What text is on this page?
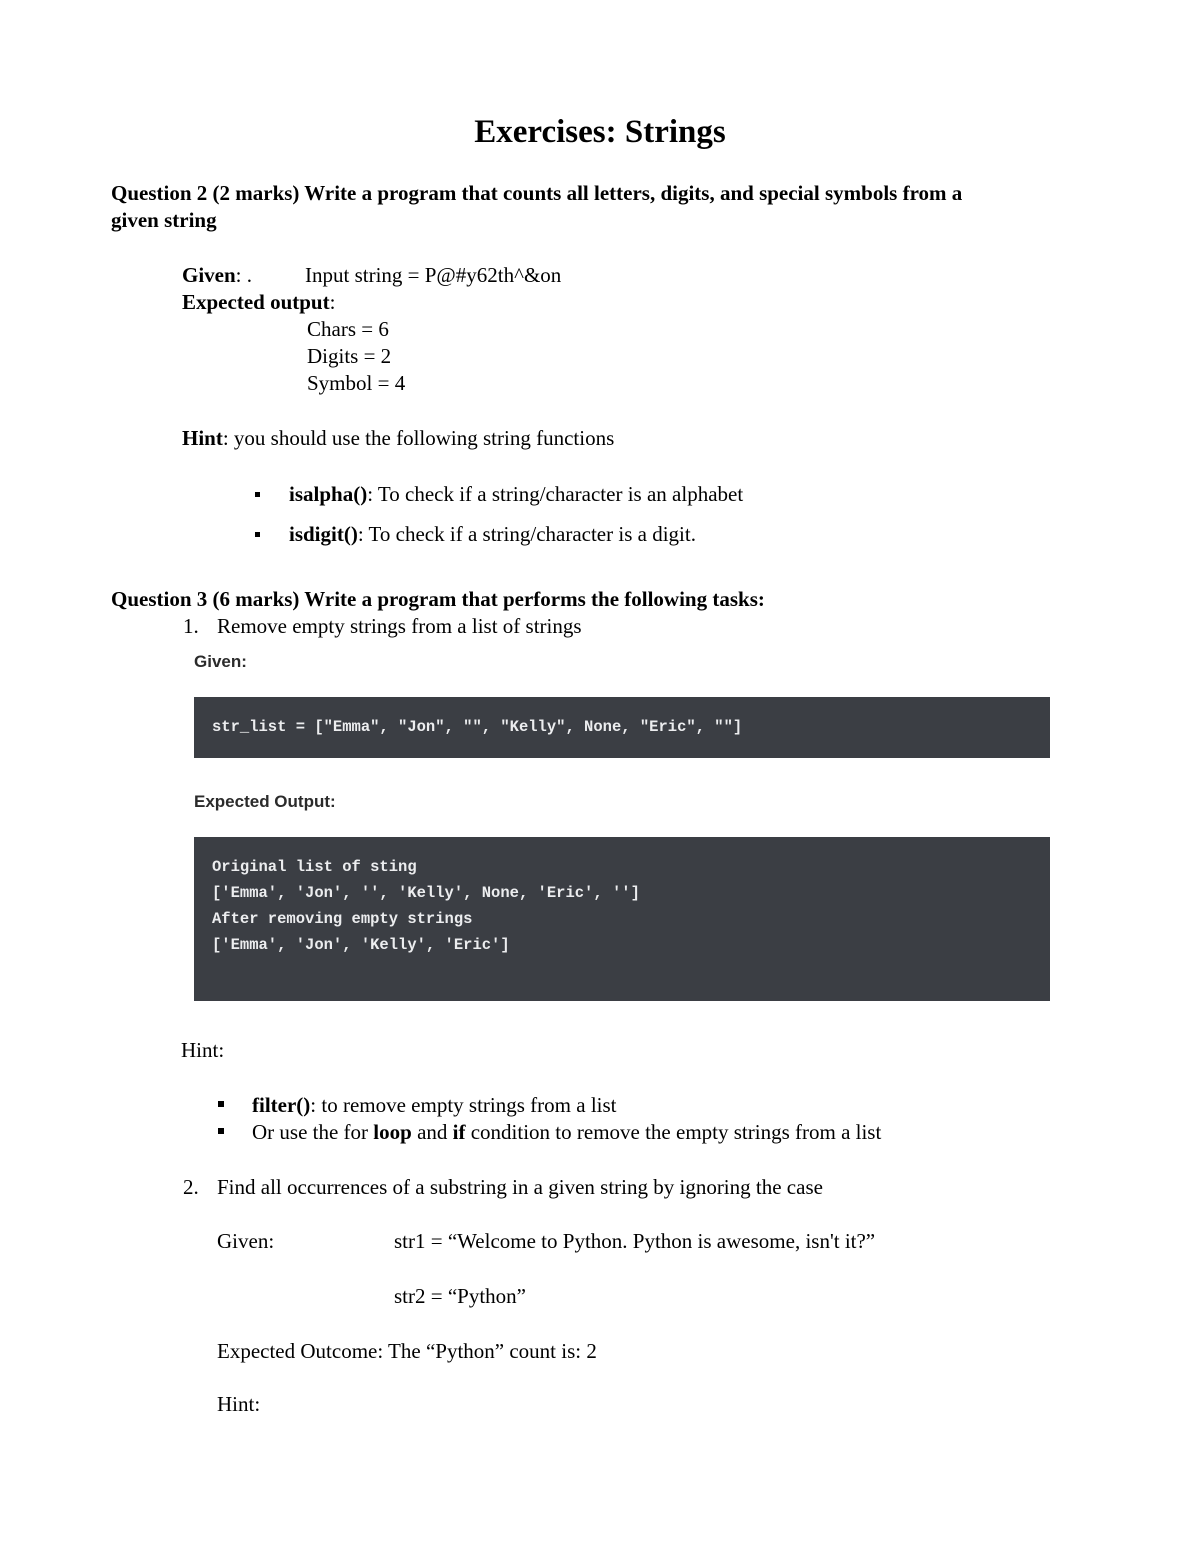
Exercises: Strings
Question 2 (2 marks) Write a program that counts all letters, digits, and special symbols from a
given string
Given: .	Input string = P@#y62th^&on
Expected output:
Chars = 6
Digits = 2
Symbol = 4
Hint: you should use the following string functions
isalpha(): To check if a string/character is an alphabet
isdigit(): To check if a string/character is a digit.
Question 3 (6 marks) Write a program that performs the following tasks:
1. Remove empty strings from a list of strings
Given:
str_list = ["Emma", "Jon", "", "Kelly", None, "Eric", ""]
Expected Output:
Original list of sting
['Emma', 'Jon', '', 'Kelly', None, 'Eric', '']
After removing empty strings
['Emma', 'Jon', 'Kelly', 'Eric']
Hint:
filter(): to remove empty strings from a list
Or use the for loop and if condition to remove the empty strings from a list
2. Find all occurrences of a substring in a given string by ignoring the case
Given:	str1 = “Welcome to Python. Python is awesome, isn't it?”
str2 = “Python”
Expected Outcome: The “Python” count is: 2
Hint:
